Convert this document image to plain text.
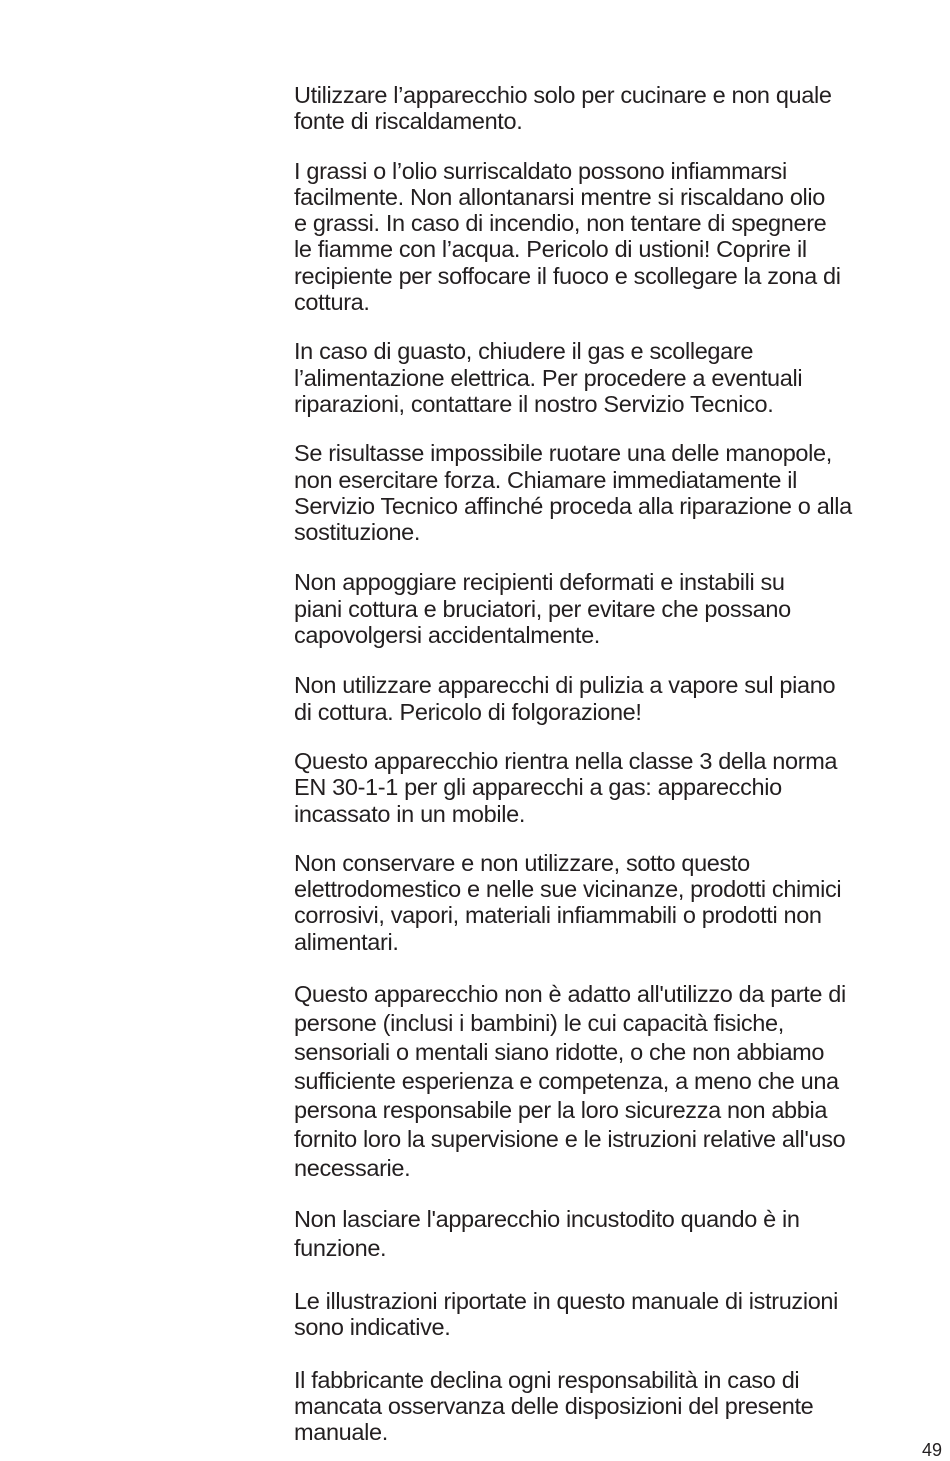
Utilizzare l’apparecchio solo per cucinare e non quale
fonte di riscaldamento.

I grassi o l’olio surriscaldato possono infiammarsi
facilmente. Non allontanarsi mentre si riscaldano olio
e grassi. In caso di incendio, non tentare di spegnere
le fiamme con l’acqua. Pericolo di ustioni! Coprire il
recipiente per soffocare il fuoco e scollegare la zona di
cottura.

In caso di guasto, chiudere il gas e scollegare
l’alimentazione elettrica. Per procedere a eventuali
riparazioni, contattare il nostro Servizio Tecnico.

Se risultasse impossibile ruotare una delle manopole,
non esercitare forza. Chiamare immediatamente il
Servizio Tecnico affinché proceda alla riparazione o alla
sostituzione.

Non appoggiare recipienti deformati e instabili su
piani cottura e bruciatori, per evitare che possano
capovolgersi accidentalmente.

Non utilizzare apparecchi di pulizia a vapore sul piano
di cottura. Pericolo di folgorazione!

Questo apparecchio rientra nella classe 3 della norma
EN 30-1-1 per gli apparecchi a gas: apparecchio
incassato in un mobile.

Non conservare e non utilizzare, sotto questo
elettrodomestico e nelle sue vicinanze, prodotti chimici
corrosivi, vapori, materiali infiammabili o prodotti non
alimentari.

Questo apparecchio non è adatto all'utilizzo da parte di
persone (inclusi i bambini) le cui capacità fisiche,
sensoriali o mentali siano ridotte, o che non abbiamo
sufficiente esperienza e competenza, a meno che una
persona responsabile per la loro sicurezza non abbia
fornito loro la supervisione e le istruzioni relative all'uso
necessarie.

Non lasciare l'apparecchio incustodito quando è in
funzione.

Le illustrazioni riportate in questo manuale di istruzioni
sono indicative.

Il fabbricante declina ogni responsabilità in caso di
mancata osservanza delle disposizioni del presente
manuale.

49
